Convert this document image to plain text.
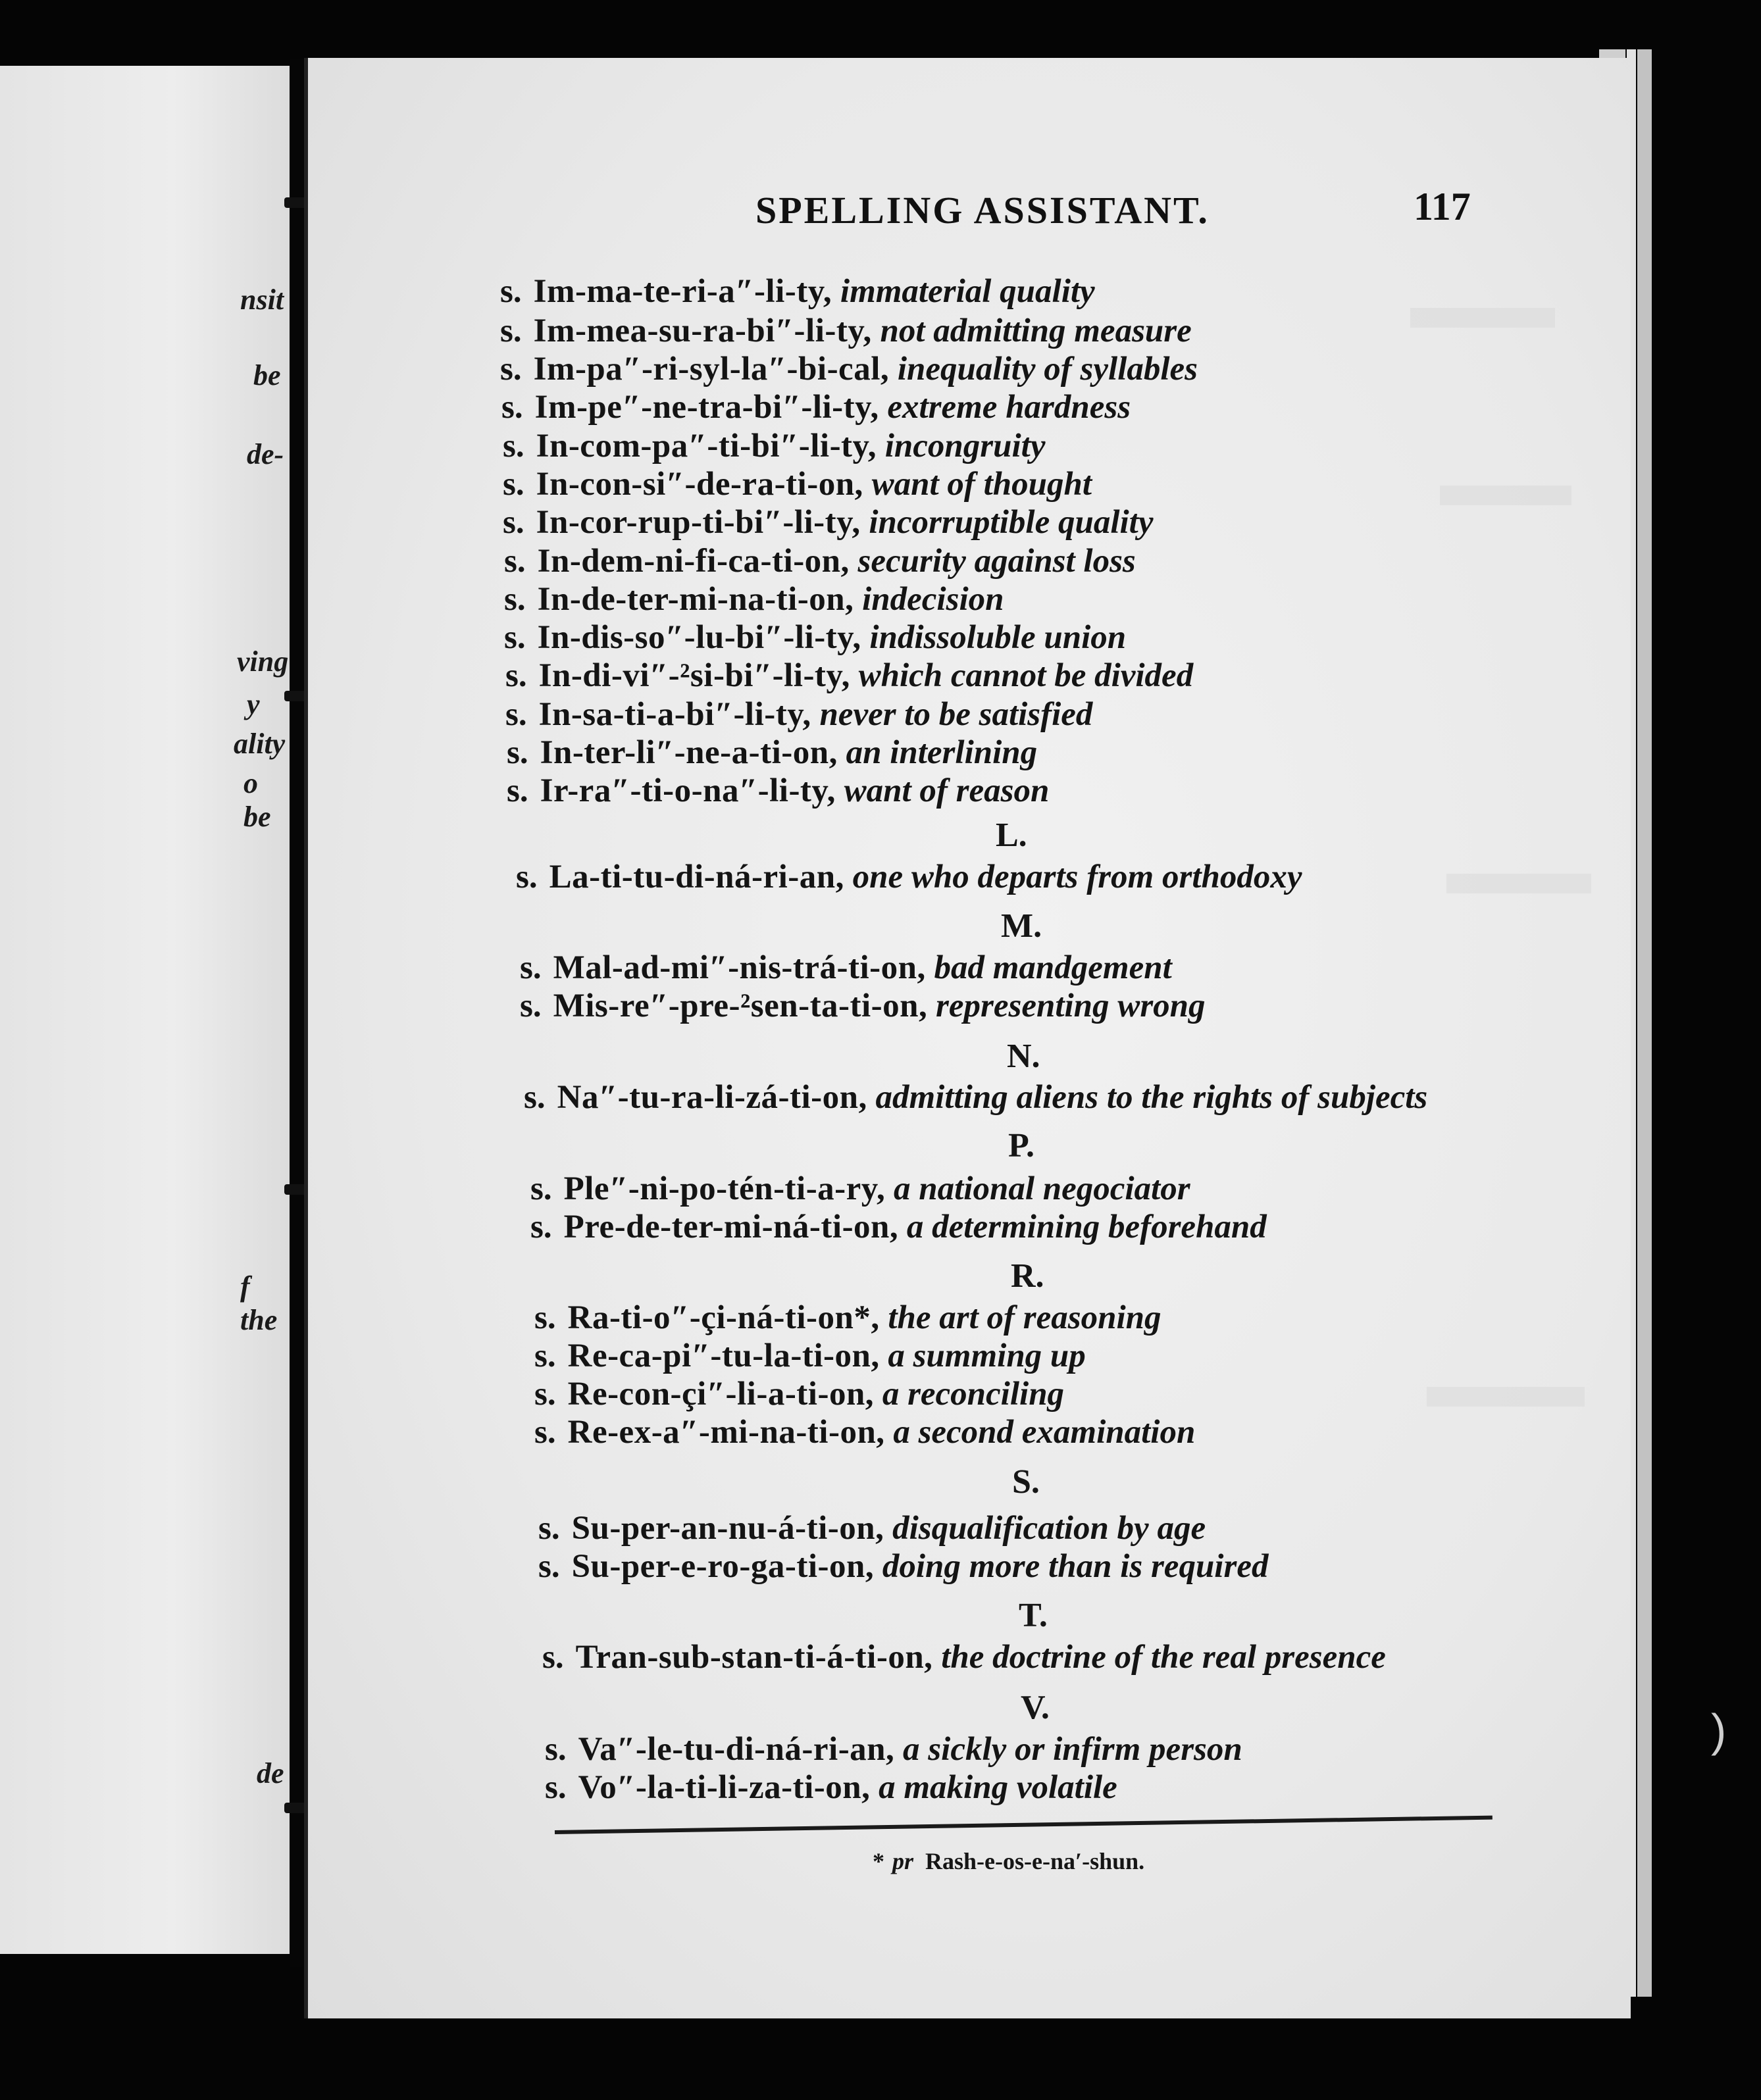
nsit
be
de-
ving
y
ality
o be
f the
de
SPELLING ASSISTANT.	117
s. Im-ma-te-ri-a″-li-ty, immaterial quality
s. Im-mea-su-ra-bi″-li-ty, not admitting measure
s. Im-pa″-ri-syl-la″-bi-cal, inequality of syllables
s. Im-pe″-ne-tra-bi″-li-ty, extreme hardness
s. In-com-pa″-ti-bi″-li-ty, incongruity
s. In-con-si″-de-ra-ti-on, want of thought
s. In-cor-rup-ti-bi″-li-ty, incorruptible quality
s. In-dem-ni-fi-ca-ti-on, security against loss
s. In-de-ter-mi-na-ti-on, indecision
s. In-dis-so″-lu-bi″-li-ty, indissoluble union
s. In-di-vi″-²si-bi″-li-ty, which cannot be divided
s. In-sa-ti-a-bi″-li-ty, never to be satisfied
s. In-ter-li″-ne-a-ti-on, an interlining
s. Ir-ra″-ti-o-na″-li-ty, want of reason
L.
s. La-ti-tu-di-ná-ri-an, one who departs from orthodoxy
M.
s. Mal-ad-mi″-nis-trá-ti-on, bad mandgement
s. Mis-re″-pre-²sen-ta-ti-on, representing wrong
N.
s. Na″-tu-ra-li-zá-ti-on, admitting aliens to the rights of subjects
P.
s. Ple″-ni-po-tén-ti-a-ry, a national negociator
s. Pre-de-ter-mi-ná-ti-on, a determining beforehand
R.
s. Ra-ti-o″-çi-ná-ti-on*, the art of reasoning
s. Re-ca-pi″-tu-la-ti-on, a summing up
s. Re-con-çi″-li-a-ti-on, a reconciling
s. Re-ex-a″-mi-na-ti-on, a second examination
S.
s. Su-per-an-nu-á-ti-on, disqualification by age
s. Su-per-e-ro-ga-ti-on, doing more than is required
T.
s. Tran-sub-stan-ti-á-ti-on, the doctrine of the real presence
V.
s. Va″-le-tu-di-ná-ri-an, a sickly or infirm person
s. Vo″-la-ti-li-za-ti-on, a making volatile
* pr Rash-e-os-e-na′-shun.
)
